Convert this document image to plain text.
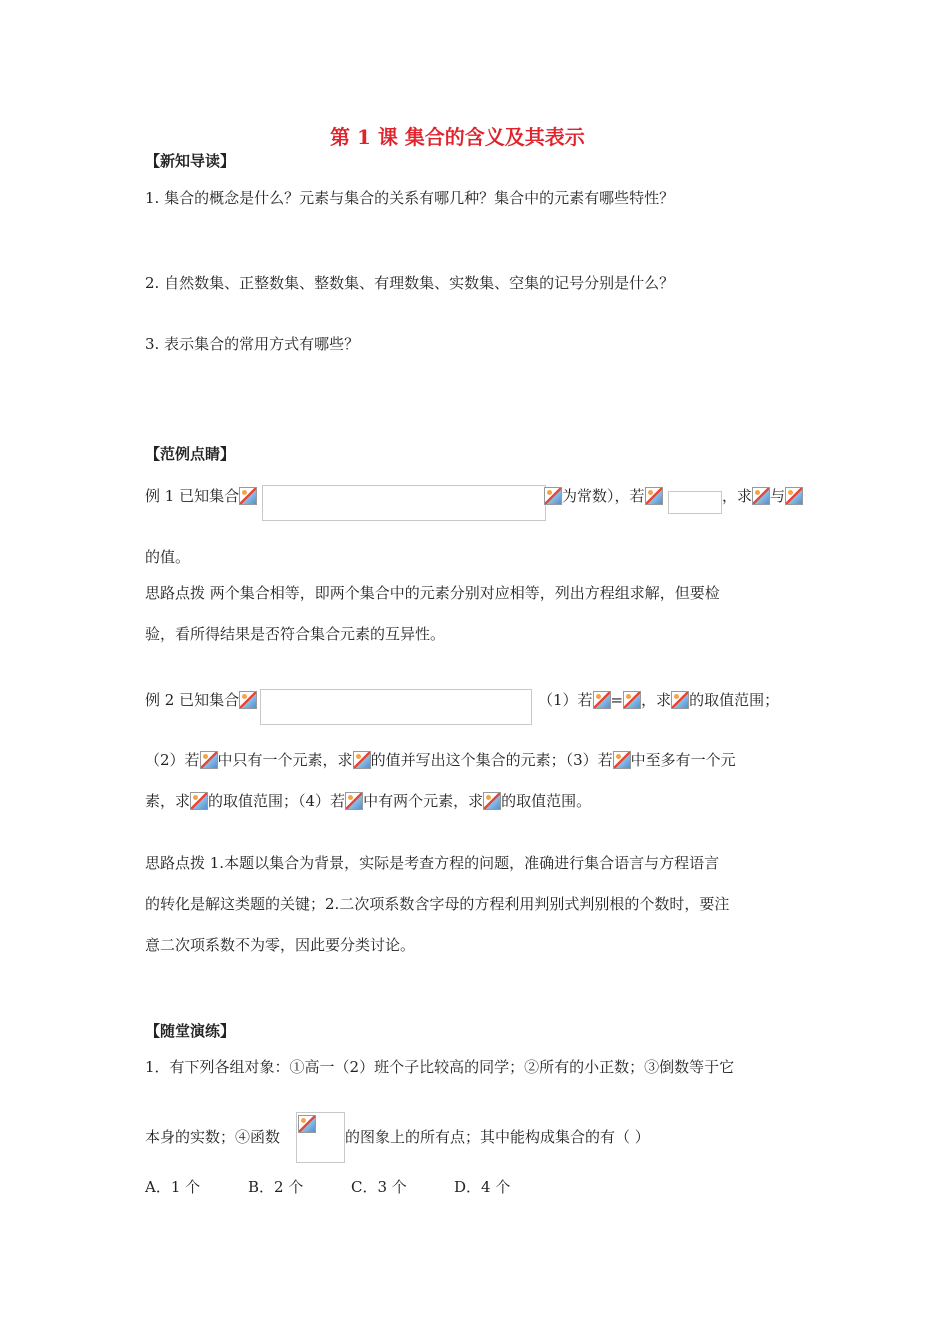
第 1 课 集合的含义及其表示
【新知导读】
1. 集合的概念是什么？元素与集合的关系有哪几种？集合中的元素有哪些特性？
2. 自然数集、正整数集、整数集、有理数集、实数集、空集的记号分别是什么？
3. 表示集合的常用方式有哪些？
【范例点睛】
例 1 已知集合	为常数），若	，求 与
的值。
思路点拨 两个集合相等，即两个集合中的元素分别对应相等，列出方程组求解，但要检
验，看所得结果是否符合集合元素的互异性。
例 2 已知集合	（1）若 = ，求 的取值范围；
（2）若 中只有一个元素，求 的值并写出这个集合的元素；（3）若 中至多有一个元
素，求 的取值范围；（4）若 中有两个元素，求 的取值范围。
思路点拨 1.本题以集合为背景，实际是考查方程的问题，准确进行集合语言与方程语言
的转化是解这类题的关键；2.二次项系数含字母的方程利用判别式判别根的个数时，要注
意二次项系数不为零，因此要分类讨论。
【随堂演练】
1．有下列各组对象：①高一（2）班个子比较高的同学；②所有的小正数；③倒数等于它
本身的实数；④函数	的图象上的所有点；其中能构成集合的有（ ）
A．1 个	B．2 个	C．3 个	D．4 个
